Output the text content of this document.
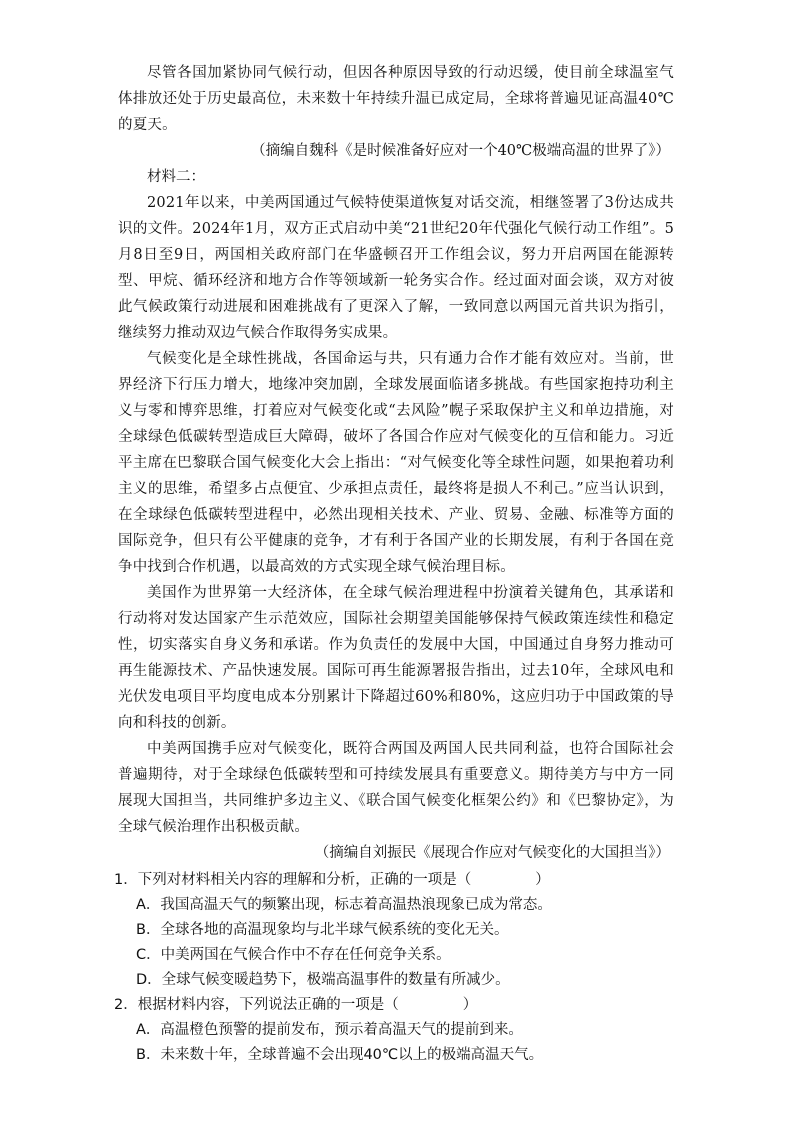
尽管各国加紧协同气候行动，但因各种原因导致的行动迟缓，使目前全球温室气体排放还处于历史最高位，未来数十年持续升温已成定局，全球将普遍见证高温40℃的夏天。

（摘编自魏科《是时候准备好应对一个40℃极端高温的世界了》）

材料二：

2021年以来，中美两国通过气候特使渠道恢复对话交流，相继签署了3份达成共识的文件。2024年1月，双方正式启动中美“21世纪20年代强化气候行动工作组”。5月8日至9日，两国相关政府部门在华盛顿召开工作组会议，努力开启两国在能源转型、甲烷、循环经济和地方合作等领域新一轮务实合作。经过面对面会谈，双方对彼此气候政策行动进展和困难挑战有了更深入了解，一致同意以两国元首共识为指引，继续努力推动双边气候合作取得务实成果。

气候变化是全球性挑战，各国命运与共，只有通力合作才能有效应对。当前，世界经济下行压力增大，地缘冲突加剧，全球发展面临诸多挑战。有些国家抱持功利主义与零和博弈思维，打着应对气候变化或“去风险”幌子采取保护主义和单边措施，对全球绿色低碳转型造成巨大障碍，破坏了各国合作应对气候变化的互信和能力。习近平主席在巴黎联合国气候变化大会上指出：“对气候变化等全球性问题，如果抱着功利主义的思维，希望多占点便宜、少承担点责任，最终将是损人不利己。”应当认识到，在全球绿色低碳转型进程中，必然出现相关技术、产业、贸易、金融、标准等方面的国际竞争，但只有公平健康的竞争，才有利于各国产业的长期发展，有利于各国在竞争中找到合作机遇，以最高效的方式实现全球气候治理目标。

美国作为世界第一大经济体，在全球气候治理进程中扮演着关键角色，其承诺和行动将对发达国家产生示范效应，国际社会期望美国能够保持气候政策连续性和稳定性，切实落实自身义务和承诺。作为负责任的发展中大国，中国通过自身努力推动可再生能源技术、产品快速发展。国际可再生能源署报告指出，过去10年，全球风电和光伏发电项目平均度电成本分别累计下降超过60%和80%，这应归功于中国政策的导向和科技的创新。

中美两国携手应对气候变化，既符合两国及两国人民共同利益，也符合国际社会普遍期待，对于全球绿色低碳转型和可持续发展具有重要意义。期待美方与中方一同展现大国担当，共同维护多边主义、《联合国气候变化框架公约》和《巴黎协定》，为全球气候治理作出积极贡献。

（摘编自刘振民《展现合作应对气候变化的大国担当》）

1．下列对材料相关内容的理解和分析，正确的一项是（	）

A．我国高温天气的频繁出现，标志着高温热浪现象已成为常态。

B．全球各地的高温现象均与北半球气候系统的变化无关。

C．中美两国在气候合作中不存在任何竞争关系。

D．全球气候变暖趋势下，极端高温事件的数量有所减少。

2．根据材料内容，下列说法正确的一项是（	）

A．高温橙色预警的提前发布，预示着高温天气的提前到来。

B．未来数十年，全球普遍不会出现40℃以上的极端高温天气。
